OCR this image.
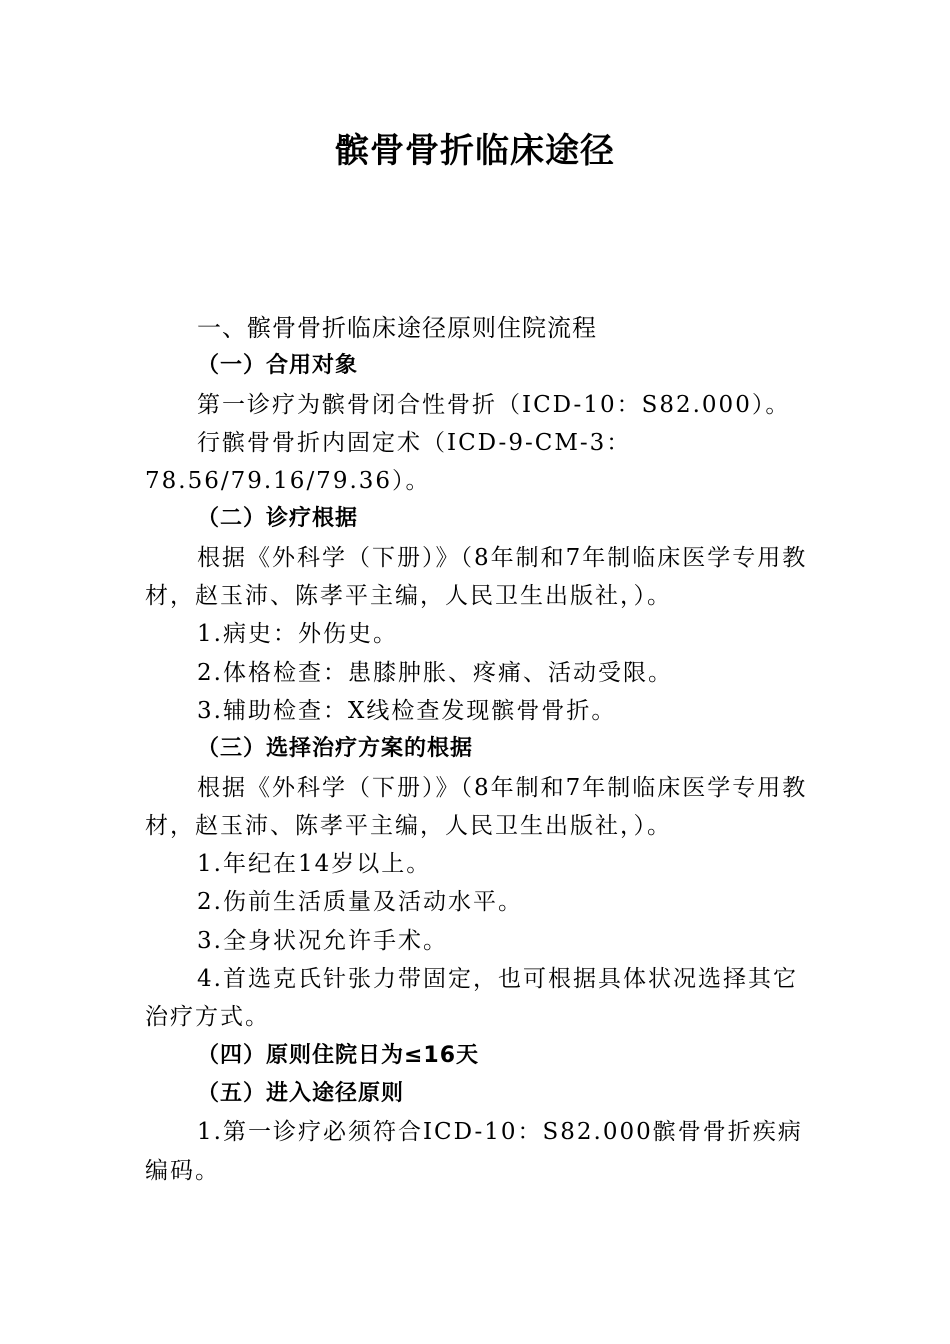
髌骨骨折临床途径

一、髌骨骨折临床途径原则住院流程

（一）合用对象

第一诊疗为髌骨闭合性骨折（ICD-10：S82.000）。

行髌骨骨折内固定术（ICD-9-CM-3：78.56/79.16/79.36）。

（二）诊疗根据

根据《外科学（下册）》（8年制和7年制临床医学专用教材，赵玉沛、陈孝平主编，人民卫生出版社，）。

1.病史：外伤史。

2.体格检查：患膝肿胀、疼痛、活动受限。

3.辅助检查：X线检查发现髌骨骨折。

（三）选择治疗方案的根据

根据《外科学（下册）》（8年制和7年制临床医学专用教材，赵玉沛、陈孝平主编，人民卫生出版社，）。

1.年纪在14岁以上。

2.伤前生活质量及活动水平。

3.全身状况允许手术。

4.首选克氏针张力带固定，也可根据具体状况选择其它治疗方式。

（四）原则住院日为≤16天

（五）进入途径原则

1.第一诊疗必须符合ICD-10：S82.000髌骨骨折疾病编码。
